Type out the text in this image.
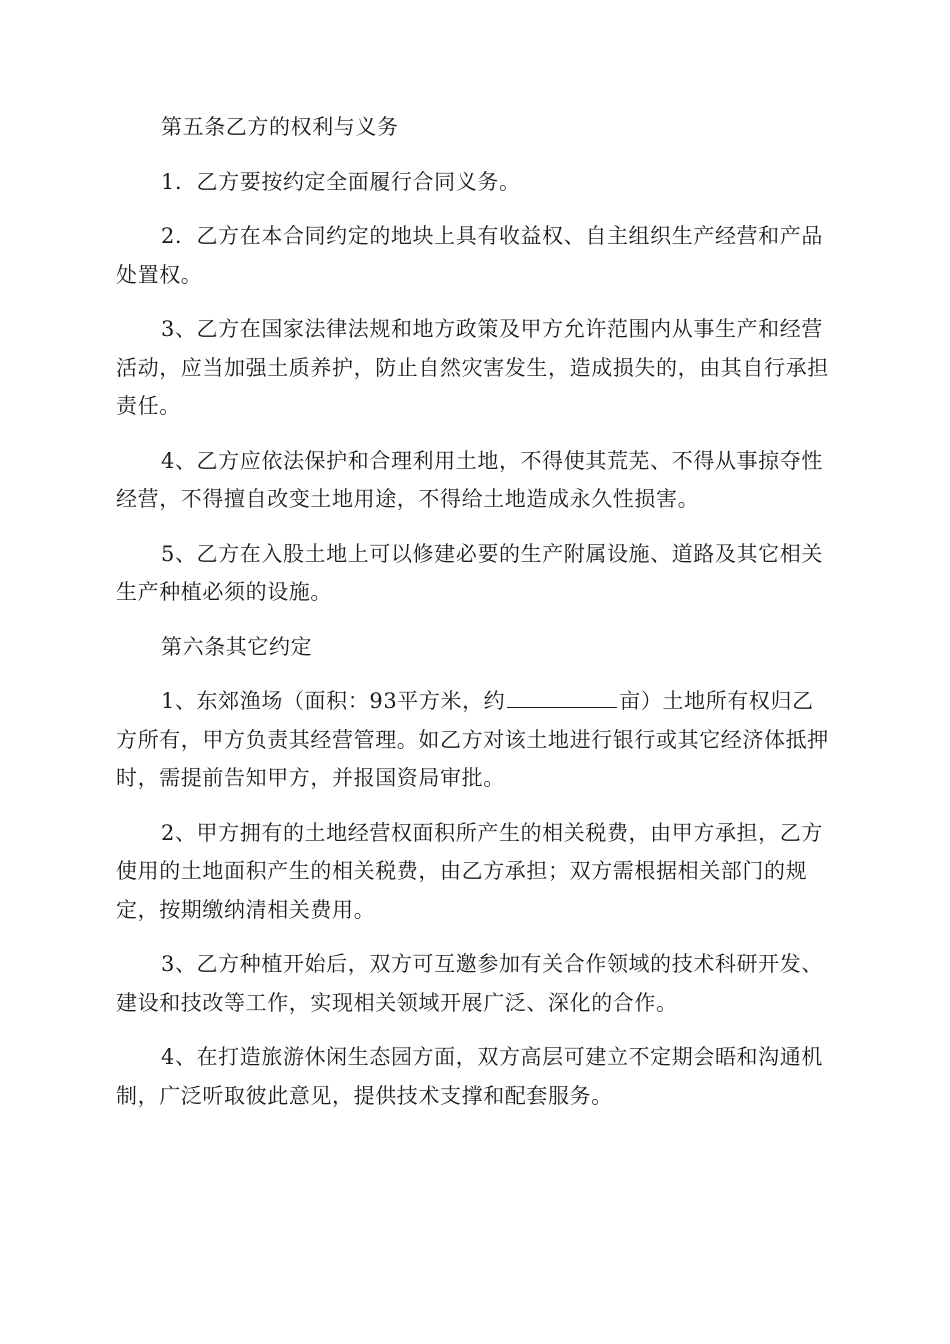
第五条乙方的权利与义务

1．乙方要按约定全面履行合同义务。

2．乙方在本合同约定的地块上具有收益权、自主组织生产经营和产品处置权。

3、乙方在国家法律法规和地方政策及甲方允许范围内从事生产和经营活动，应当加强土质养护，防止自然灾害发生，造成损失的，由其自行承担责任。

4、乙方应依法保护和合理利用土地，不得使其荒芜、不得从事掠夺性经营，不得擅自改变土地用途，不得给土地造成永久性损害。

5、乙方在入股土地上可以修建必要的生产附属设施、道路及其它相关生产种植必须的设施。

第六条其它约定

1、东郊渔场（面积：93平方米，约	亩）土地所有权归乙方所有，甲方负责其经营管理。如乙方对该土地进行银行或其它经济体抵押时，需提前告知甲方，并报国资局审批。

2、甲方拥有的土地经营权面积所产生的相关税费，由甲方承担，乙方使用的土地面积产生的相关税费，由乙方承担；双方需根据相关部门的规定，按期缴纳清相关费用。

3、乙方种植开始后，双方可互邀参加有关合作领域的技术科研开发、建设和技改等工作，实现相关领域开展广泛、深化的合作。

4、在打造旅游休闲生态园方面，双方高层可建立不定期会晤和沟通机制，广泛听取彼此意见，提供技术支撑和配套服务。
